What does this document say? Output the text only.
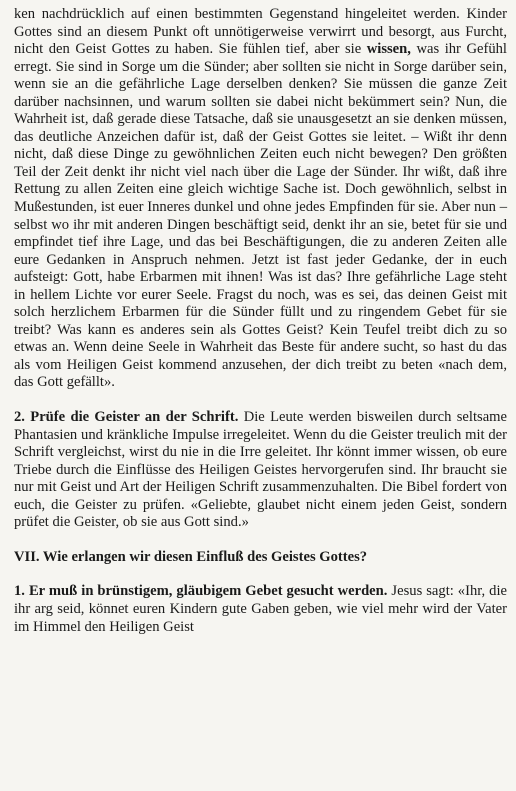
ken nachdrücklich auf einen bestimmten Gegenstand hingeleitet werden. Kinder Gottes sind an diesem Punkt oft unnötigerweise verwirrt und besorgt, aus Furcht, nicht den Geist Gottes zu haben. Sie fühlen tief, aber sie wissen, was ihr Gefühl erregt. Sie sind in Sorge um die Sünder; aber sollten sie nicht in Sorge darüber sein, wenn sie an die gefährliche Lage derselben denken? Sie müssen die ganze Zeit darüber nachsinnen, und warum sollten sie dabei nicht bekümmert sein? Nun, die Wahrheit ist, daß gerade diese Tatsache, daß sie unausgesetzt an sie denken müssen, das deutliche Anzeichen dafür ist, daß der Geist Gottes sie leitet. – Wißt ihr denn nicht, daß diese Dinge zu gewöhnlichen Zeiten euch nicht bewegen? Den größten Teil der Zeit denkt ihr nicht viel nach über die Lage der Sünder. Ihr wißt, daß ihre Rettung zu allen Zeiten eine gleich wichtige Sache ist. Doch gewöhnlich, selbst in Mußestunden, ist euer Inneres dunkel und ohne jedes Empfinden für sie. Aber nun – selbst wo ihr mit anderen Dingen beschäftigt seid, denkt ihr an sie, betet für sie und empfindet tief ihre Lage, und das bei Beschäftigungen, die zu anderen Zeiten alle eure Gedanken in Anspruch nehmen. Jetzt ist fast jeder Gedanke, der in euch aufsteigt: Gott, habe Erbarmen mit ihnen! Was ist das? Ihre gefährliche Lage steht in hellem Lichte vor eurer Seele. Fragst du noch, was es sei, das deinen Geist mit solch herzlichem Erbarmen für die Sünder füllt und zu ringendem Gebet für sie treibt? Was kann es anderes sein als Gottes Geist? Kein Teufel treibt dich zu so etwas an. Wenn deine Seele in Wahrheit das Beste für andere sucht, so hast du das als vom Heiligen Geist kommend anzusehen, der dich treibt zu beten «nach dem, das Gott gefällt».

2. Prüfe die Geister an der Schrift. Die Leute werden bisweilen durch seltsame Phantasien und kränkliche Impulse irregeleitet. Wenn du die Geister treulich mit der Schrift vergleichst, wirst du nie in die Irre geleitet. Ihr könnt immer wissen, ob eure Triebe durch die Einflüsse des Heiligen Geistes hervorgerufen sind. Ihr braucht sie nur mit Geist und Art der Heiligen Schrift zusammenzuhalten. Die Bibel fordert von euch, die Geister zu prüfen. «Geliebte, glaubet nicht einem jeden Geist, sondern prüfet die Geister, ob sie aus Gott sind.»

VII. Wie erlangen wir diesen Einfluß des Geistes Gottes?

1. Er muß in brünstigem, gläubigem Gebet gesucht werden. Jesus sagt: «Ihr, die ihr arg seid, könnet euren Kindern gute Gaben geben, wie viel mehr wird der Vater im Himmel den Heiligen Geist
